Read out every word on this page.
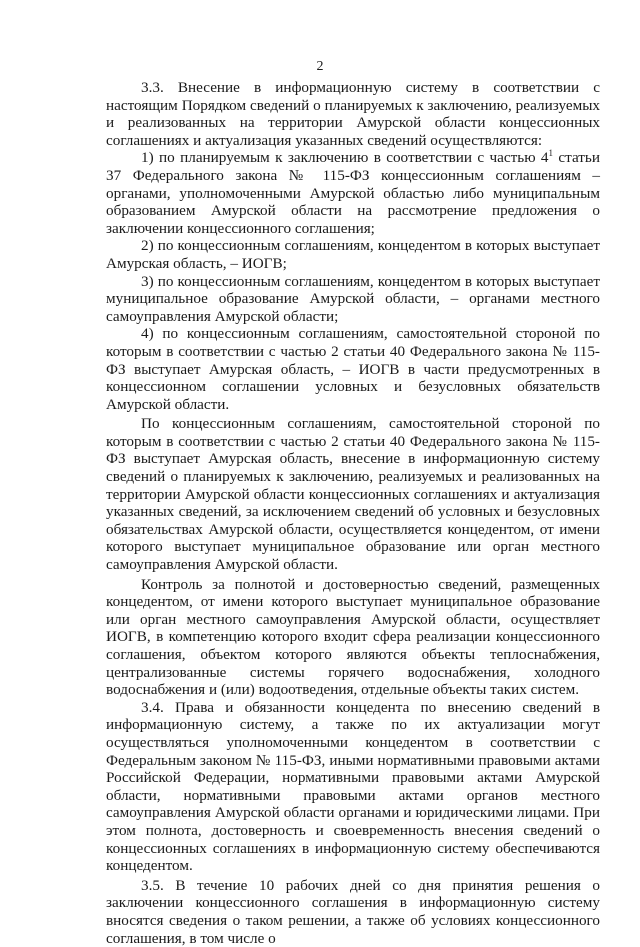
2

3.3. Внесение в информационную систему в соответствии с настоящим Порядком сведений о планируемых к заключению, реализуемых и реализованных на территории Амурской области концессионных соглашениях и актуализация указанных сведений осуществляются:

1) по планируемым к заключению в соответствии с частью $4^1$ статьи 37 Федерального закона № 115-ФЗ концессионным соглашениям – органами, уполномоченными Амурской областью либо муниципальным образованием Амурской области на рассмотрение предложения о заключении концессионного соглашения;

2) по концессионным соглашениям, концедентом в которых выступает Амурская область, – ИОГВ;

3) по концессионным соглашениям, концедентом в которых выступает муниципальное образование Амурской области, – органами местного самоуправления Амурской области;

4) по концессионным соглашениям, самостоятельной стороной по которым в соответствии с частью 2 статьи 40 Федерального закона № 115-ФЗ выступает Амурская область, – ИОГВ в части предусмотренных в концессионном соглашении условных и безусловных обязательств Амурской области.

По концессионным соглашениям, самостоятельной стороной по которым в соответствии с частью 2 статьи 40 Федерального закона № 115-ФЗ выступает Амурская область, внесение в информационную систему сведений о планируемых к заключению, реализуемых и реализованных на территории Амурской области концессионных соглашениях и актуализация указанных сведений, за исключением сведений об условных и безусловных обязательствах Амурской области, осуществляется концедентом, от имени которого выступает муниципальное образование или орган местного самоуправления Амурской области.

Контроль за полнотой и достоверностью сведений, размещенных концедентом, от имени которого выступает муниципальное образование или орган местного самоуправления Амурской области, осуществляет ИОГВ, в компетенцию которого входит сфера реализации концессионного соглашения, объектом которого являются объекты теплоснабжения, централизованные системы горячего водоснабжения, холодного водоснабжения и (или) водоотведения, отдельные объекты таких систем.

3.4. Права и обязанности концедента по внесению сведений в информационную систему, а также по их актуализации могут осуществляться уполномоченными концедентом в соответствии с Федеральным законом № 115-ФЗ, иными нормативными правовыми актами Российской Федерации, нормативными правовыми актами Амурской области, нормативными правовыми актами органов местного самоуправления Амурской области органами и юридическими лицами. При этом полнота, достоверность и своевременность внесения сведений о концессионных соглашениях в информационную систему обеспечиваются концедентом.

3.5. В течение 10 рабочих дней со дня принятия решения о заключении концессионного соглашения в информационную систему вносятся сведения о таком решении, а также об условиях концессионного соглашения, в том числе о
